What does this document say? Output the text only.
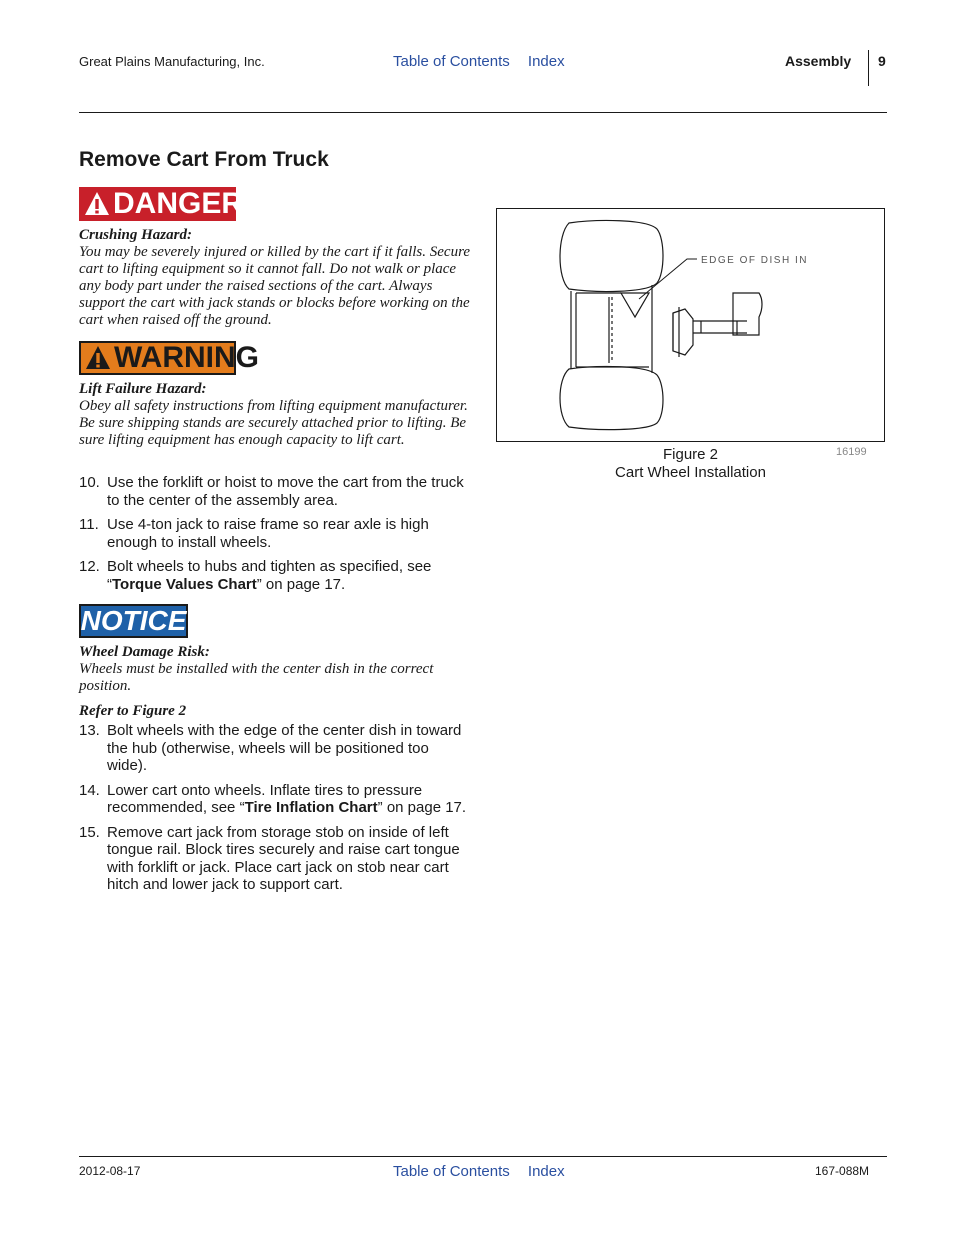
Great Plains Manufacturing, Inc.	Table of Contents Index	Assembly 9
Remove Cart From Truck
DANGER
Crushing Hazard:

You may be severely injured or killed by the cart if it falls. Secure cart to lifting equipment so it cannot fall. Do not walk or place any body part under the raised sections of the cart. Always support the cart with jack stands or blocks before working on the cart when raised off the ground.

WARNING
Lift Failure Hazard:

Obey all safety instructions from lifting equipment manufacturer. Be sure shipping stands are securely attached prior to lifting. Be sure lifting equipment has enough capacity to lift cart.

10. Use the forklift or hoist to move the cart from the truck to the center of the assembly area.
11. Use 4-ton jack to raise frame so rear axle is high enough to install wheels.
12. Bolt wheels to hubs and tighten as specified, see “Torque Values Chart” on page 17.
NOTICE
Wheel Damage Risk:

Wheels must be installed with the center dish in the correct position.

Refer to Figure 2
13. Bolt wheels with the edge of the center dish in toward the hub (otherwise, wheels will be positioned too wide).
14. Lower cart onto wheels. Inflate tires to pressure recommended, see “Tire Inflation Chart” on page 17.
15. Remove cart jack from storage stob on inside of left tongue rail. Block tires securely and raise cart tongue with forklift or jack. Place cart jack on stob near cart hitch and lower jack to support cart.
EDGE OF DISH IN
Figure 2
Cart Wheel Installation
16199
2012-08-17	Table of Contents Index	167-088M
